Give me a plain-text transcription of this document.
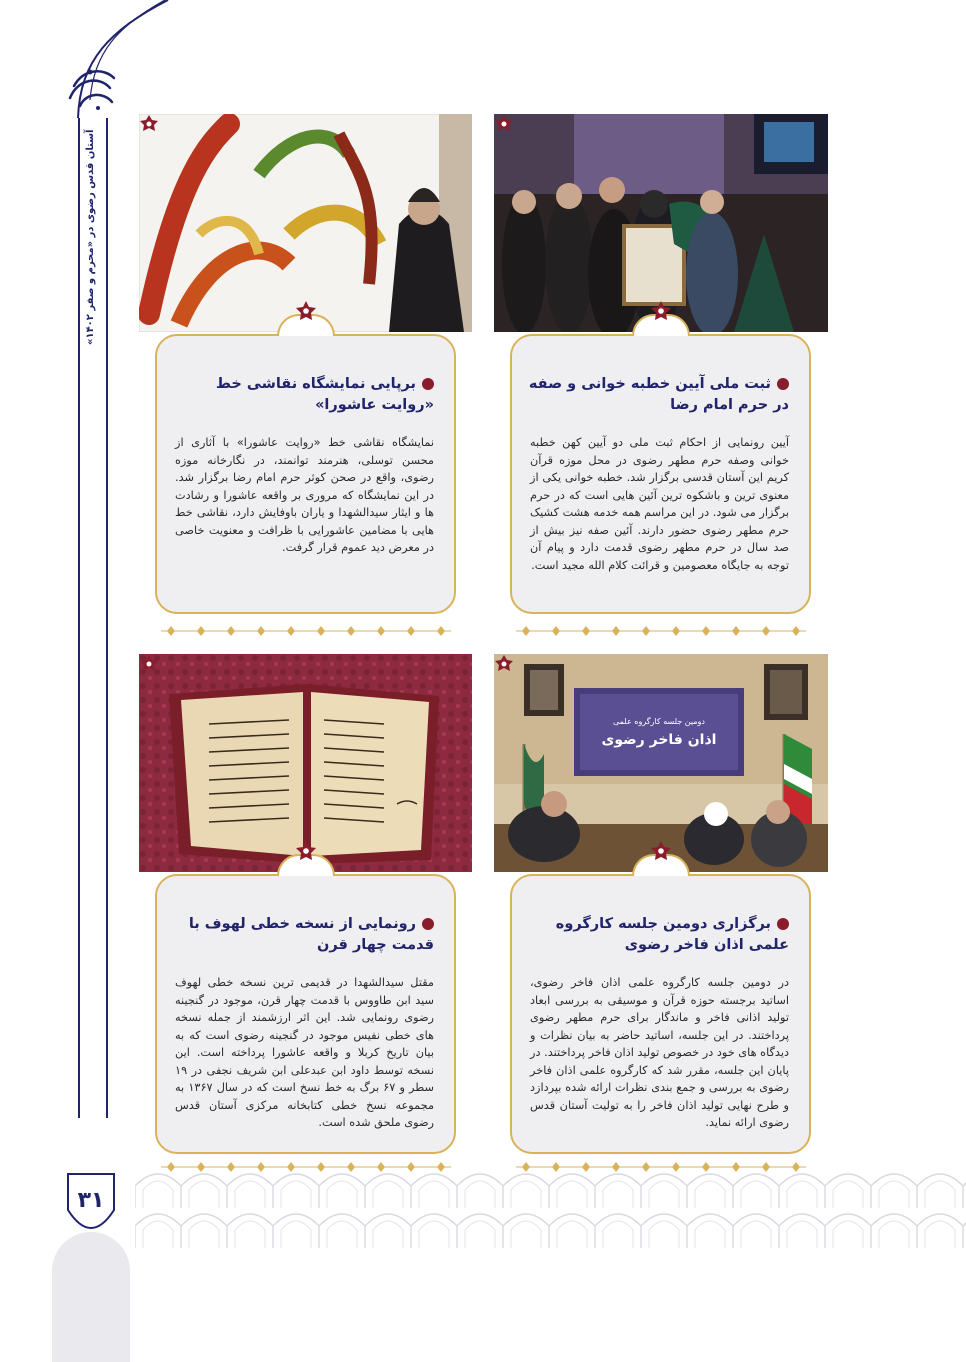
آستان قدس رضوی در «محرم و صفر ۱۴۰۲»
۳۱
دومین جلسه کارگروه علمی
اذان فاخر رضوی
ثبت ملی آیین خطبه خوانی و صفه در حرم امام رضا
آیین رونمایی از احکام ثبت ملی دو آیین کهن خطبه خوانی وصفه حرم مطهر رضوی در محل موزه قرآن کریم این آستان قدسی برگزار شد. خطبه خوانی یکی از معنوی ترین و باشکوه ترین آئین هایی است که در حرم برگزار می شود. در این مراسم همه خدمه هشت کشیک حرم مطهر رضوی حضور دارند. آئین صفه نیز بیش از صد سال در حرم مطهر رضوی قدمت دارد و پیام آن توجه به جایگاه معصومین و قرائت کلام الله مجید است.
برپایی نمایشگاه نقاشی خط «روایت عاشورا»
نمایشگاه نقاشی خط «روایت عاشورا» با آثاری از محسن توسلی، هنرمند توانمند، در نگارخانه موزه رضوی، واقع در صحن کوثر حرم امام رضا برگزار شد. در این نمایشگاه که مروری بر واقعه عاشورا و رشادت ها و ایثار سیدالشهدا و یاران باوفایش دارد، نقاشی خط هایی با مضامین عاشورایی با ظرافت و معنویت خاصی در معرض دید عموم قرار گرفت.
برگزاری دومین جلسه کارگروه علمی اذان فاخر رضوی
در دومین جلسه کارگروه علمی اذان فاخر رضوی، اساتید برجسته حوزه قرآن و موسیقی به بررسی ابعاد تولید اذانی فاخر و ماندگار برای حرم مطهر رضوی پرداختند. در این جلسه، اساتید حاضر به بیان نظرات و دیدگاه های خود در خصوص تولید اذان فاخر پرداختند. در پایان این جلسه، مقرر شد که کارگروه علمی اذان فاخر رضوی به بررسی و جمع بندی نظرات ارائه شده بپردازد و طرح نهایی تولید اذان فاخر را به تولیت آستان قدس رضوی ارائه نماید.
رونمایی از نسخه خطی لهوف با قدمت چهار قرن
مقتل سیدالشهدا در قدیمی ترین نسخه خطی لهوف سید ابن طاووس با قدمت چهار قرن، موجود در گنجینه رضوی رونمایی شد. این اثر ارزشمند از جمله نسخه های خطی نفیس موجود در گنجینه رضوی است که به بیان تاریخ کربلا و واقعه عاشورا پرداخته است. این نسخه توسط داود ابن عبدعلی ابن شریف نجفی در ۱۹ سطر و ۶۷ برگ به خط نسخ است که در سال ۱۳۶۷ به مجموعه نسخ خطی کتابخانه مرکزی آستان قدس رضوی ملحق شده است.
